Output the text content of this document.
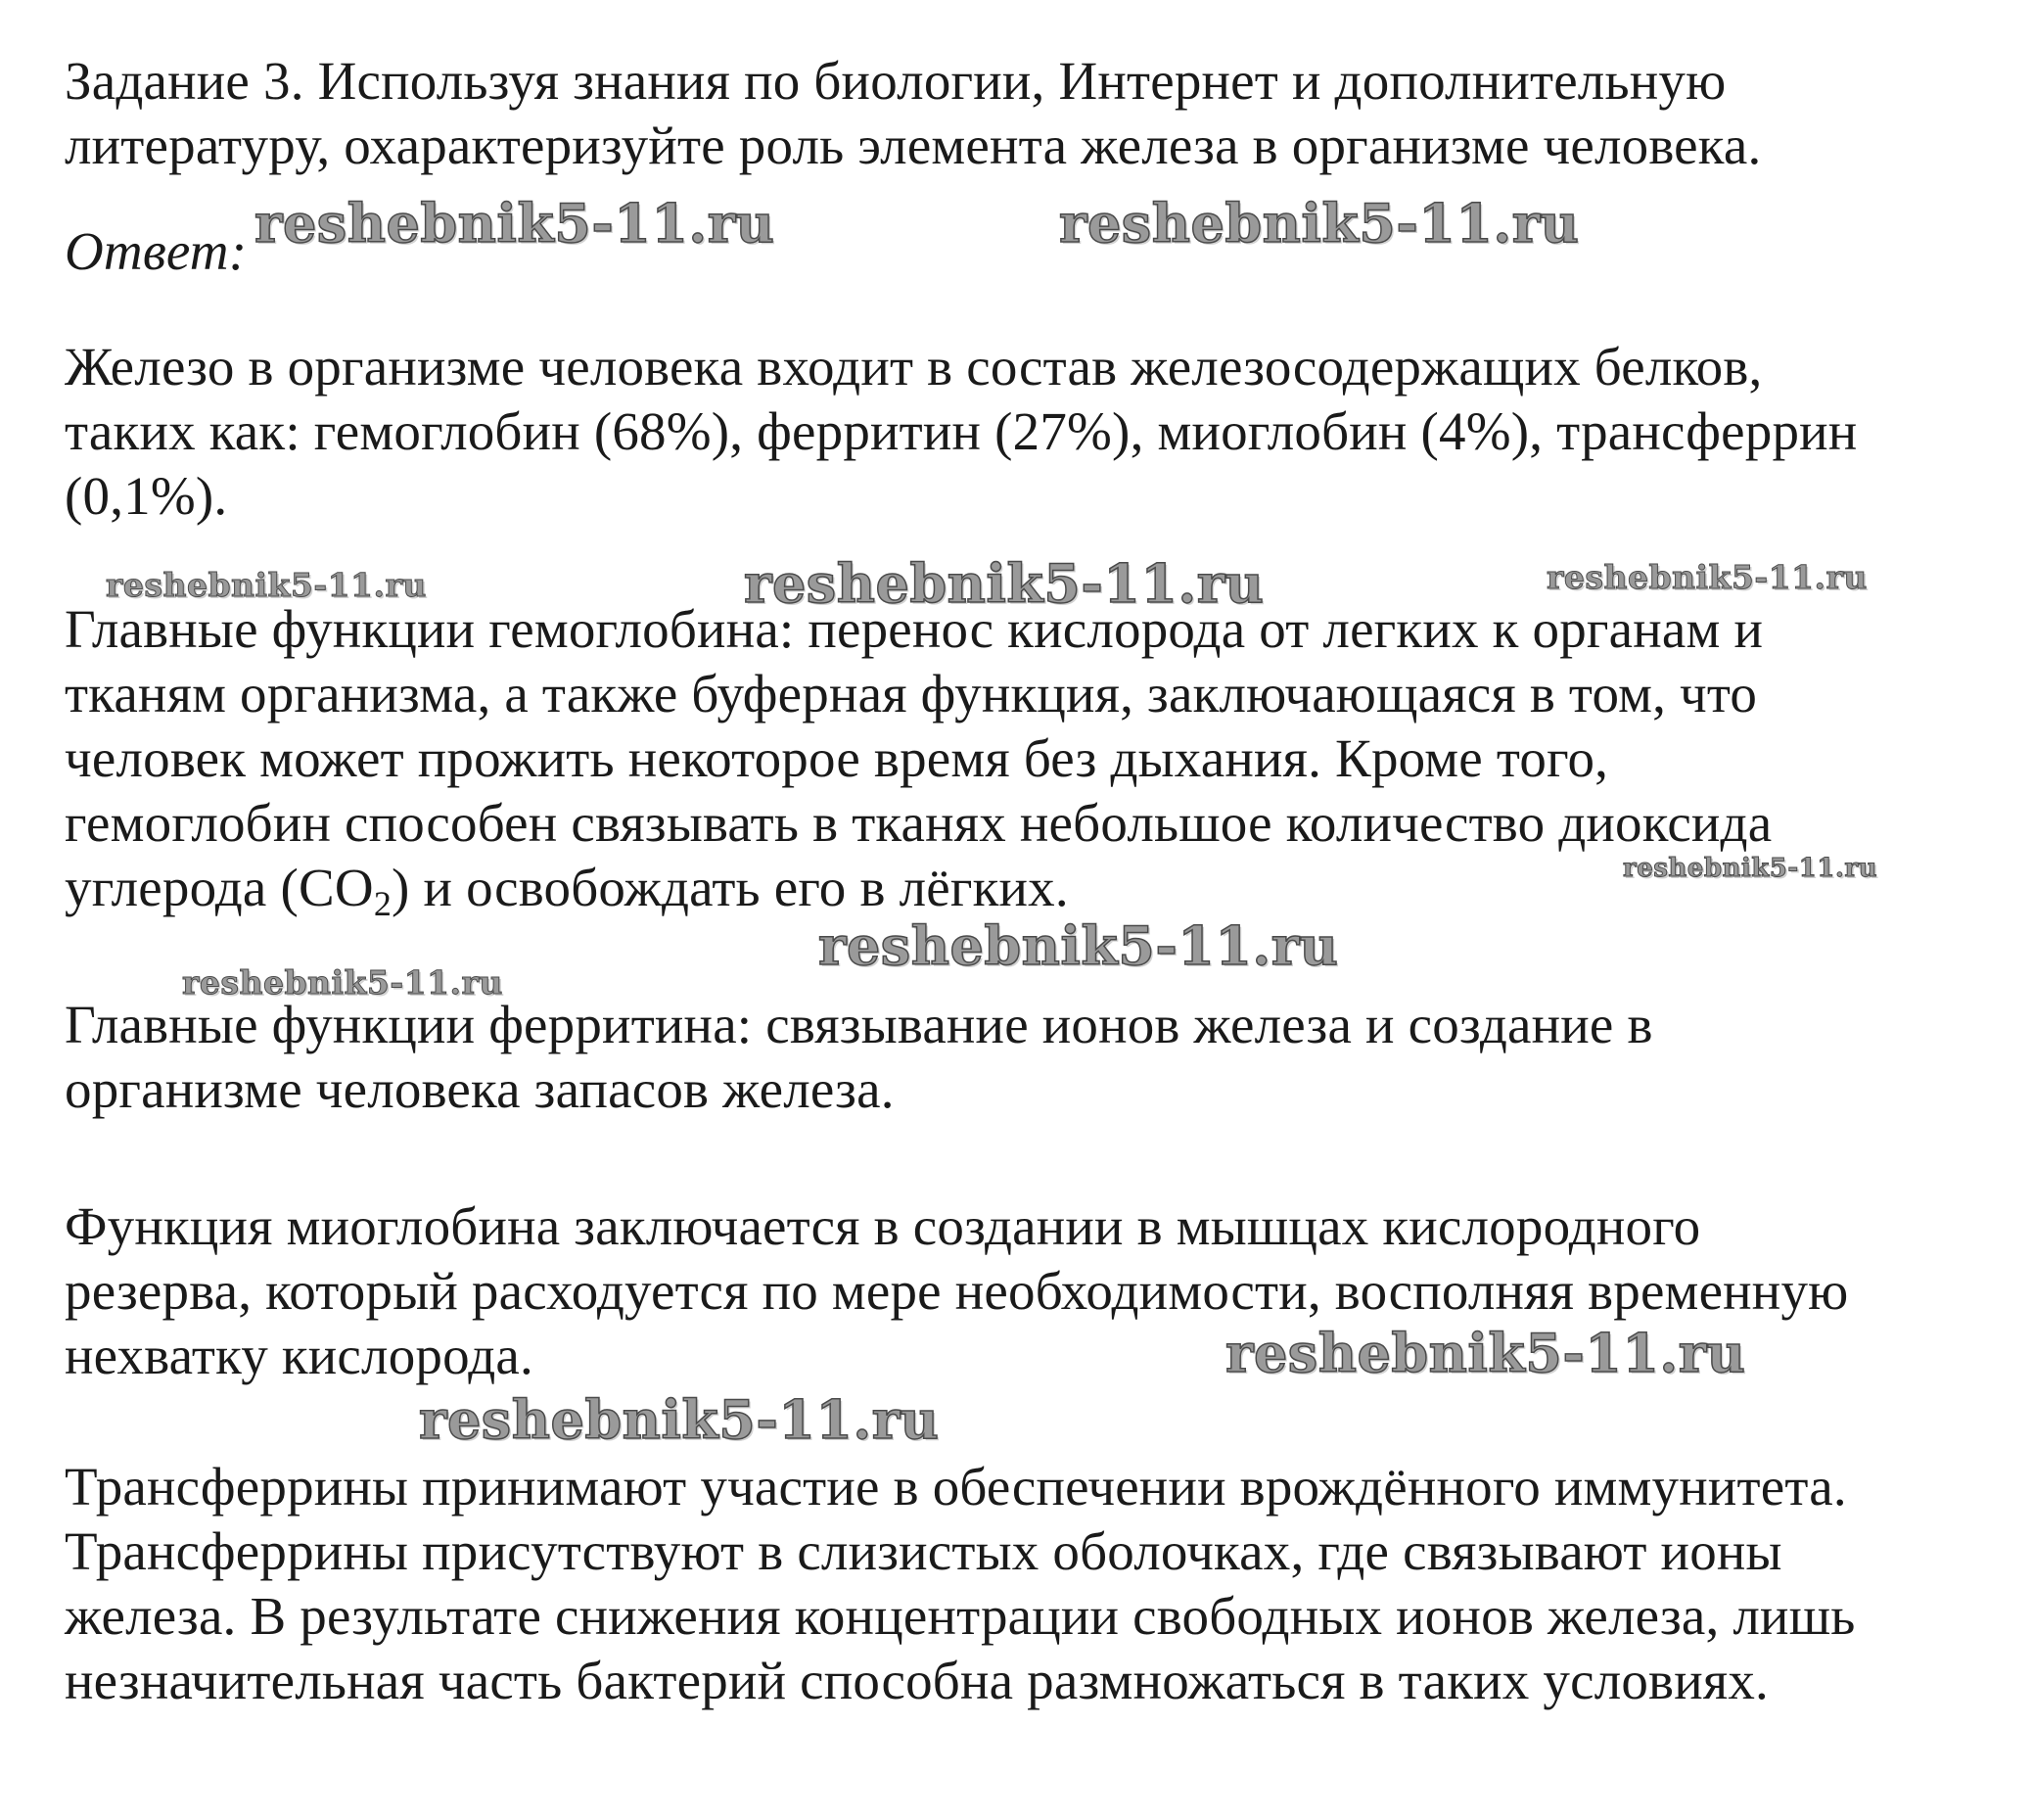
Задание 3. Используя знания по биологии, Интернет и дополнительную
литературу, охарактеризуйте роль элемента железа в организме человека.
Ответ:
Железо в организме человека входит в состав железосодержащих белков,
таких как: гемоглобин (68%), ферритин (27%), миоглобин (4%), трансферрин
(0,1%).
Главные функции гемоглобина: перенос кислорода от легких к органам и
тканям организма, а также буферная функция, заключающаяся в том, что
человек может прожить некоторое время без дыхания. Кроме того,
гемоглобин способен связывать в тканях небольшое количество диоксида
углерода $(CO_2)$ и освобождать его в лёгких.
Главные функции ферритина: связывание ионов железа и создание в
организме человека запасов железа.
Функция миоглобина заключается в создании в мышцах кислородного
резерва, который расходуется по мере необходимости, восполняя временную
нехватку кислорода.
Трансферрины принимают участие в обеспечении врождённого иммунитета.
Трансферрины присутствуют в слизистых оболочках, где связывают ионы
железа. В результате снижения концентрации свободных ионов железа, лишь
незначительная часть бактерий способна размножаться в таких условиях.
reshebnik5-11.ru	reshebnik5-11.ru
reshebnik5-11.ru	reshebnik5-11.ru	reshebnik5-11.ru
reshebnik5-11.ru
reshebnik5-11.ru
reshebnik5-11.ru
reshebnik5-11.ru
reshebnik5-11.ru
